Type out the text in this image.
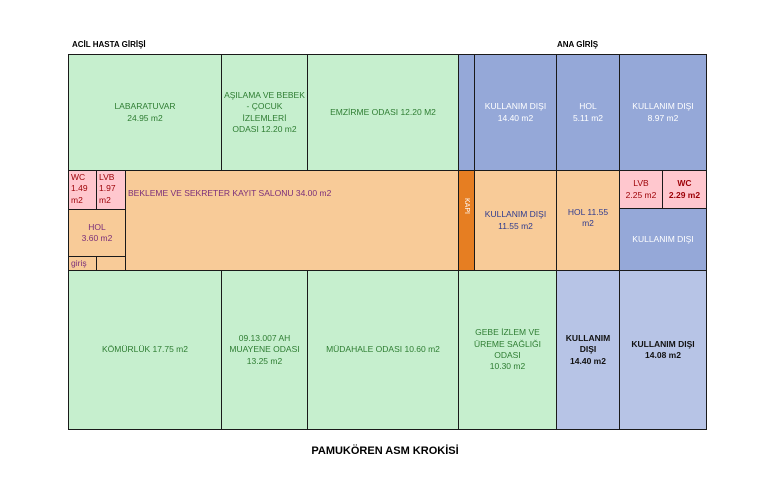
ACİL HASTA GİRİŞİ	ANA GİRİŞ
LABARATUVAR
24.95 m2
AŞILAMA VE BEBEK
- ÇOCUK İZLEMLERİ
ODASI 12.20 m2
EMZİRME ODASI 12.20 M2
KULLANIM DIŞI
14.40 m2
HOL
5.11 m2
KULLANIM DIŞI
8.97 m2
WC
1.49
m2
LVB
1.97
m2
HOL
3.60 m2
giriş
BEKLEME VE SEKRETER KAYIT SALONU 34.00 m2
KAPI
KULLANIM DIŞI
11.55 m2
HOL 11.55
m2
LVB
2.25 m2
WC
2.29 m2
KULLANIM DIŞI
KÖMÜRLÜK 17.75 m2
09.13.007 AH
MUAYENE ODASI
13.25 m2
MÜDAHALE ODASI 10.60 m2
GEBE İZLEM VE
ÜREME SAĞLIĞI
ODASI
10.30 m2
KULLANIM
DIŞI
14.40 m2
KULLANIM DIŞI
14.08 m2
PAMUKÖREN ASM KROKİSİ
